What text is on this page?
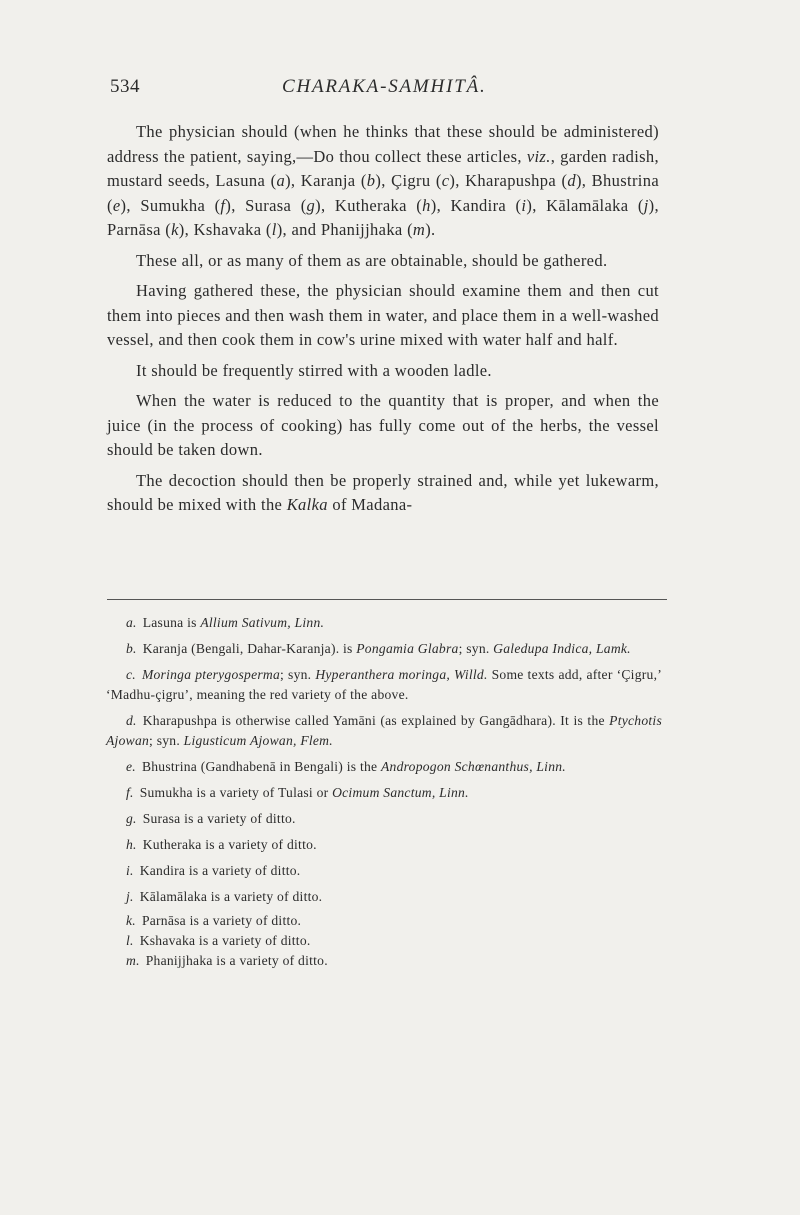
534	CHARAKA-SAMHITÂ.

The physician should (when he thinks that these should be administered) address the patient, saying,—Do thou collect these articles, viz., garden radish, mustard seeds, Lasuna (a), Karanja (b), Çigru (c), Kharapushpa (d), Bhustrina (e), Sumukha (f), Surasa (g), Kutheraka (h), Kandira (i), Kālamālaka (j), Parnāsa (k), Kshavaka (l), and Phanijjhaka (m).

These all, or as many of them as are obtainable, should be gathered.

Having gathered these, the physician should examine them and then cut them into pieces and then wash them in water, and place them in a well-washed vessel, and then cook them in cow's urine mixed with water half and half.

It should be frequently stirred with a wooden ladle.

When the water is reduced to the quantity that is proper, and when the juice (in the process of cooking) has fully come out of the herbs, the vessel should be taken down.

The decoction should then be properly strained and, while yet lukewarm, should be mixed with the Kalka of Madana-

a. Lasuna is Allium Sativum, Linn.

b. Karanja (Bengali, Dahar-Karanja). is Pongamia Glabra; syn. Galedupa Indica, Lamk.

c. Moringa pterygosperma; syn. Hyperanthera moringa, Willd. Some texts add, after ‘Çigru,’ ‘Madhu-çigru’, meaning the red variety of the above.

d. Kharapushpa is otherwise called Yamāni (as explained by Gangādhara). It is the Ptychotis Ajowan; syn. Ligusticum Ajowan, Flem.

e. Bhustrina (Gandhabenā in Bengali) is the Andropogon Schœnanthus, Linn.

f. Sumukha is a variety of Tulasi or Ocimum Sanctum, Linn.

g. Surasa is a variety of ditto.

h. Kutheraka is a variety of ditto.

i. Kandira is a variety of ditto.

j. Kālamālaka is a variety of ditto.

k. Parnāsa is a variety of ditto.

l. Kshavaka is a variety of ditto.

m. Phanijjhaka is a variety of ditto.
